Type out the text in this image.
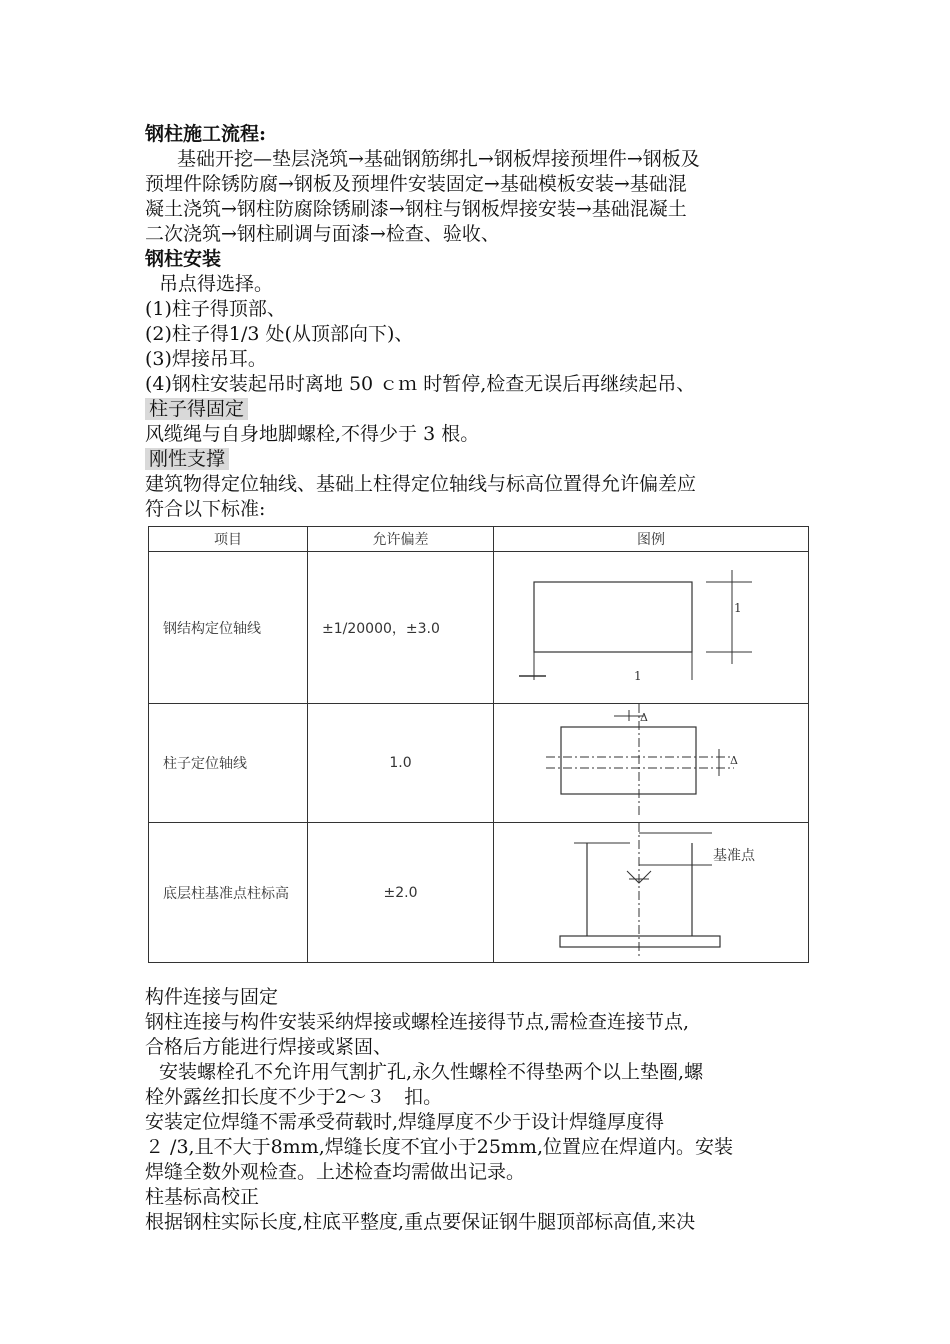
钢柱施工流程:
基础开挖—垫层浇筑→基础钢筋绑扎→钢板焊接预埋件→钢板及
预埋件除锈防腐→钢板及预埋件安装固定→基础模板安装→基础混
凝土浇筑→钢柱防腐除锈刷漆→钢柱与钢板焊接安装→基础混凝土
二次浇筑→钢柱刷调与面漆→检查、验收、
钢柱安装
吊点得选择。
(1)柱子得顶部、
(2)柱子得1/3 处(从顶部向下)、
(3)焊接吊耳。
(4)钢柱安装起吊时离地 50 ｃｍ 时暂停,检查无误后再继续起吊、
柱子得固定
风缆绳与自身地脚螺栓,不得少于 3 根。
刚性支撑
建筑物得定位轴线、基础上柱得定位轴线与标高位置得允许偏差应
符合以下标准:
项目	允许偏差	图例
钢结构定位轴线	±1/20000，±3.0	1
1

柱子定位轴线	1.0	Δ
Δ

底层柱基准点柱标高	±2.0	基准点
构件连接与固定
钢柱连接与构件安装采纳焊接或螺栓连接得节点,需检查连接节点,
合格后方能进行焊接或紧固、
安装螺栓孔不允许用气割扩孔,永久性螺栓不得垫两个以上垫圈,螺
栓外露丝扣长度不少于2～３　扣。
安装定位焊缝不需承受荷载时,焊缝厚度不少于设计焊缝厚度得
２ /3,且不大于8mm,焊缝长度不宜小于25mm,位置应在焊道内。安装
焊缝全数外观检查。上述检查均需做出记录。
柱基标高校正
根据钢柱实际长度,柱底平整度,重点要保证钢牛腿顶部标高值,来决
